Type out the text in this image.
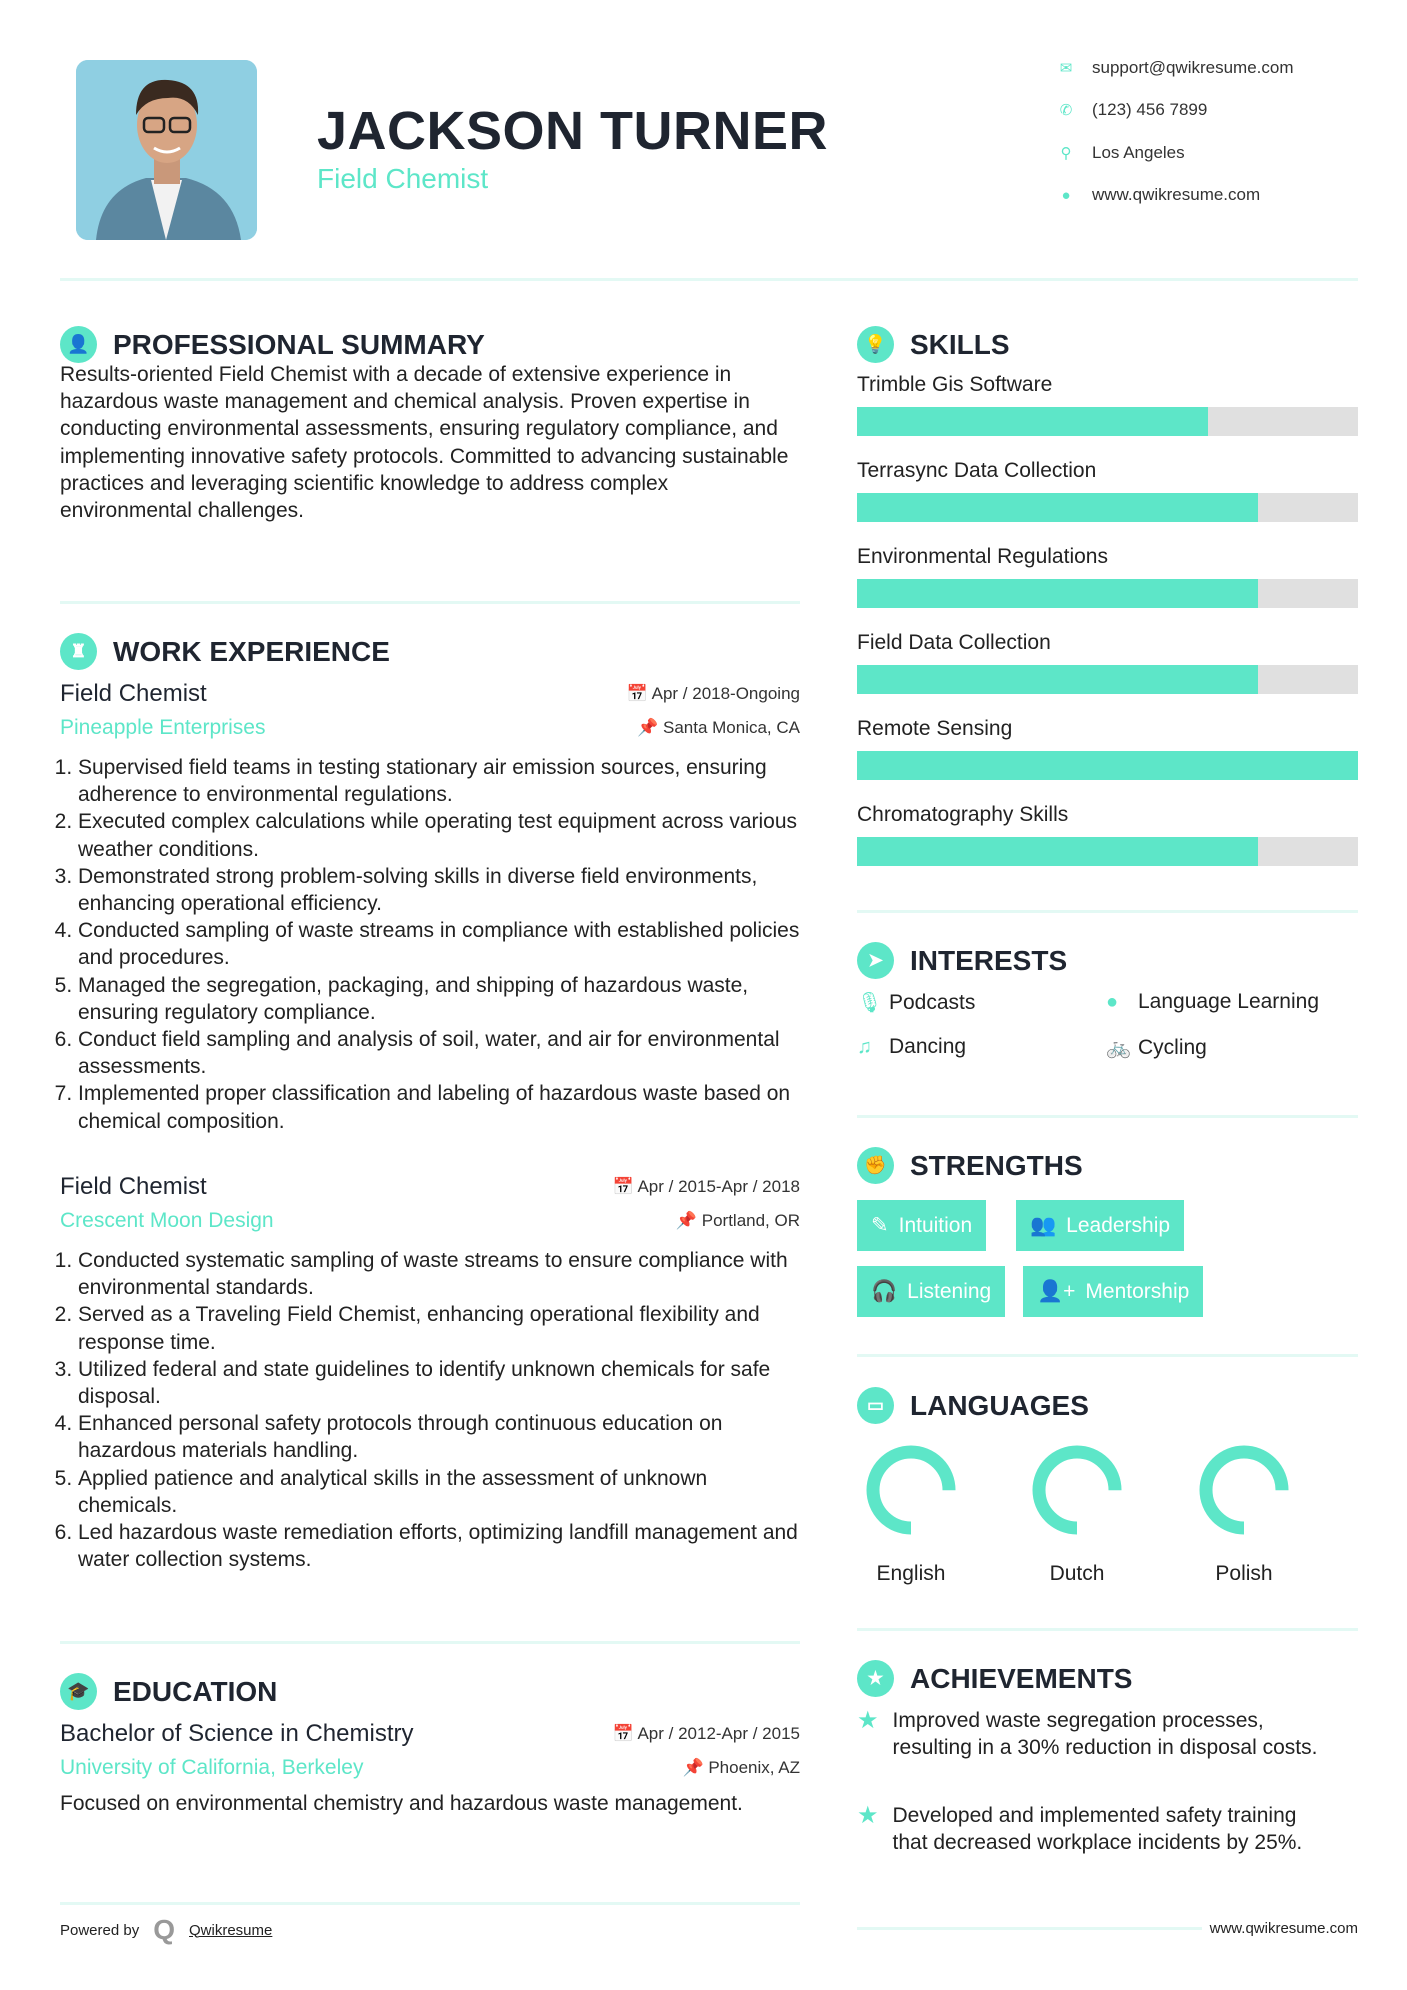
JACKSON TURNER
Field Chemist
✉ support@qwikresume.com
✆ (123) 456 7899
⚲ Los Angeles
● www.qwikresume.com
👤 PROFESSIONAL SUMMARY
Results-oriented Field Chemist with a decade of extensive experience in hazardous waste management and chemical analysis. Proven expertise in conducting environmental assessments, ensuring regulatory compliance, and implementing innovative safety protocols. Committed to advancing sustainable practices and leveraging scientific knowledge to address complex environmental challenges.
♜ WORK EXPERIENCE
Field Chemist	📅 Apr / 2018-Ongoing
Pineapple Enterprises	📌 Santa Monica, CA
1. Supervised field teams in testing stationary air emission sources, ensuring adherence to environmental regulations.
2. Executed complex calculations while operating test equipment across various weather conditions.
3. Demonstrated strong problem-solving skills in diverse field environments, enhancing operational efficiency.
4. Conducted sampling of waste streams in compliance with established policies and procedures.
5. Managed the segregation, packaging, and shipping of hazardous waste, ensuring regulatory compliance.
6. Conduct field sampling and analysis of soil, water, and air for environmental assessments.
7. Implemented proper classification and labeling of hazardous waste based on chemical composition.
Field Chemist	📅 Apr / 2015-Apr / 2018
Crescent Moon Design	📌 Portland, OR
1. Conducted systematic sampling of waste streams to ensure compliance with environmental standards.
2. Served as a Traveling Field Chemist, enhancing operational flexibility and response time.
3. Utilized federal and state guidelines to identify unknown chemicals for safe disposal.
4. Enhanced personal safety protocols through continuous education on hazardous materials handling.
5. Applied patience and analytical skills in the assessment of unknown chemicals.
6. Led hazardous waste remediation efforts, optimizing landfill management and water collection systems.
🎓 EDUCATION
Bachelor of Science in Chemistry	📅 Apr / 2012-Apr / 2015
University of California, Berkeley	📌 Phoenix, AZ
Focused on environmental chemistry and hazardous waste management.
Powered by Q Qwikresume
💡 SKILLS
Trimble Gis Software
Terrasync Data Collection
Environmental Regulations
Field Data Collection
Remote Sensing
Chromatography Skills
➤ INTERESTS
🎙 Podcasts	● Language Learning
♫ Dancing	🚲 Cycling
✊ STRENGTHS
✎ Intuition	👥 Leadership
🎧 Listening 👤+ Mentorship
▭ LANGUAGES
English	Dutch	Polish
★ ACHIEVEMENTS
★ Improved waste segregation processes, resulting in a 30% reduction in disposal costs.
★ Developed and implemented safety training that decreased workplace incidents by 25%.
www.qwikresume.com
